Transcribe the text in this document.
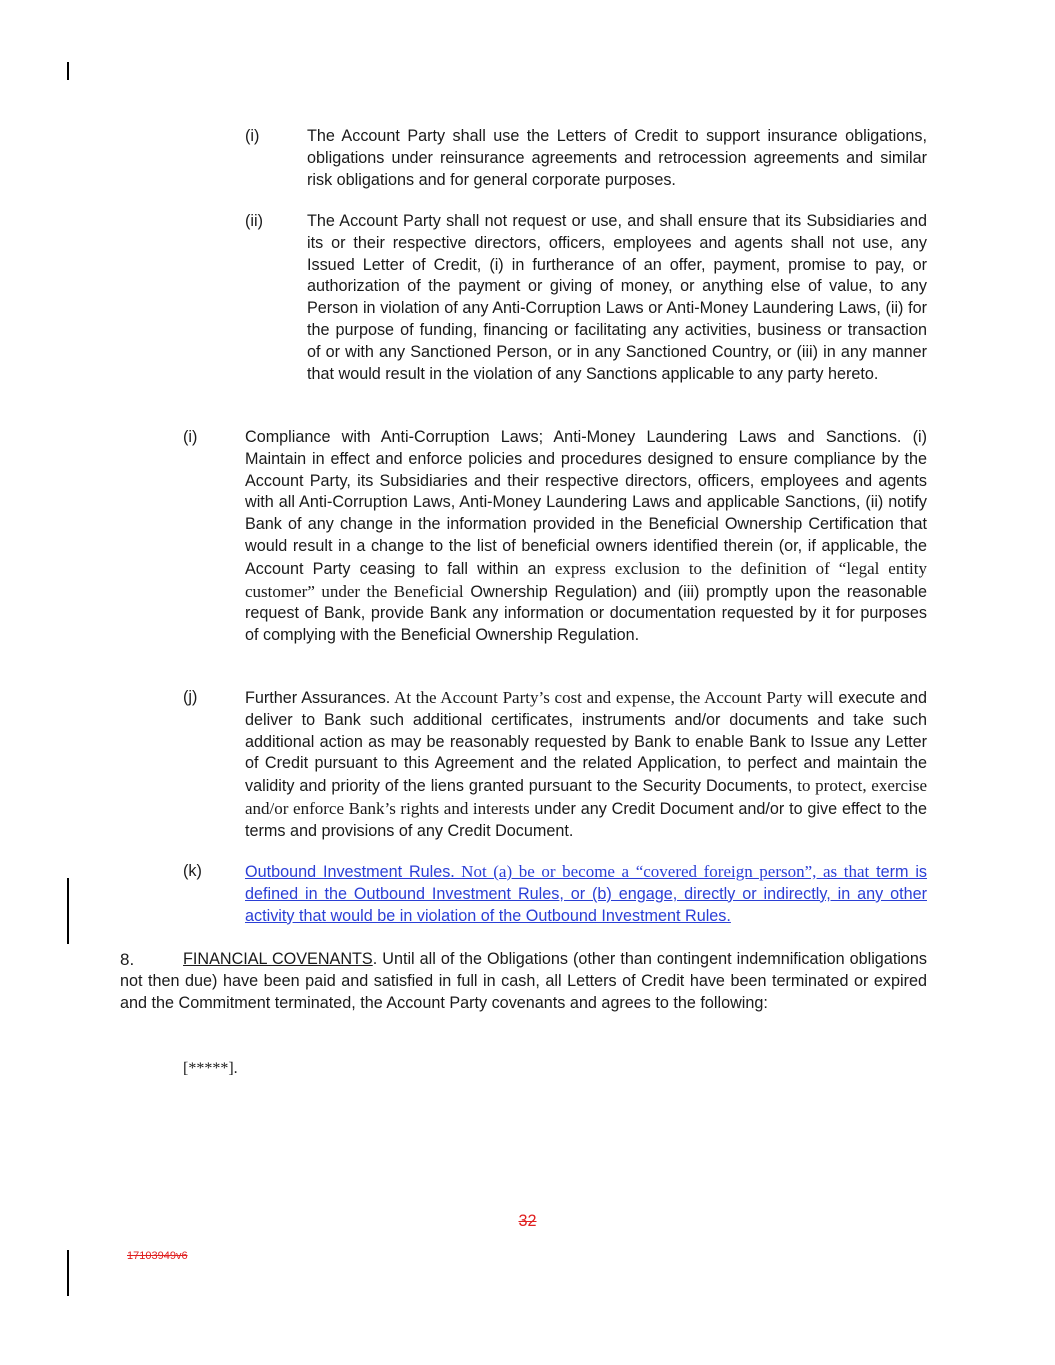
(i)	The Account Party shall use the Letters of Credit to support insurance obligations, obligations under reinsurance agreements and retrocession agreements and similar risk obligations and for general corporate purposes.
(ii)	The Account Party shall not request or use, and shall ensure that its Subsidiaries and its or their respective directors, officers, employees and agents shall not use, any Issued Letter of Credit, (i) in furtherance of an offer, payment, promise to pay, or authorization of the payment or giving of money, or anything else of value, to any Person in violation of any Anti-Corruption Laws or Anti-Money Laundering Laws, (ii) for the purpose of funding, financing or facilitating any activities, business or transaction of or with any Sanctioned Person, or in any Sanctioned Country, or (iii) in any manner that would result in the violation of any Sanctions applicable to any party hereto.
(i)	Compliance with Anti-Corruption Laws; Anti-Money Laundering Laws and Sanctions. (i) Maintain in effect and enforce policies and procedures designed to ensure compliance by the Account Party, its Subsidiaries and their respective directors, officers, employees and agents with all Anti-Corruption Laws, Anti-Money Laundering Laws and applicable Sanctions, (ii) notify Bank of any change in the information provided in the Beneficial Ownership Certification that would result in a change to the list of beneficial owners identified therein (or, if applicable, the Account Party ceasing to fall within an express exclusion to the definition of “legal entity customer” under the Beneficial Ownership Regulation) and (iii) promptly upon the reasonable request of Bank, provide Bank any information or documentation requested by it for purposes of complying with the Beneficial Ownership Regulation.
(j)	Further Assurances. At the Account Party’s cost and expense, the Account Party will execute and deliver to Bank such additional certificates, instruments and/or documents and take such additional action as may be reasonably requested by Bank to enable Bank to Issue any Letter of Credit pursuant to this Agreement and the related Application, to perfect and maintain the validity and priority of the liens granted pursuant to the Security Documents, to protect, exercise and/or enforce Bank’s rights and interests under any Credit Document and/or to give effect to the terms and provisions of any Credit Document.
(k)	Outbound Investment Rules. Not (a) be or become a “covered foreign person”, as that term is defined in the Outbound Investment Rules, or (b) engage, directly or indirectly, in any other activity that would be in violation of the Outbound Investment Rules.
8.	FINANCIAL COVENANTS. Until all of the Obligations (other than contingent indemnification obligations not then due) have been paid and satisfied in full in cash, all Letters of Credit have been terminated or expired and the Commitment terminated, the Account Party covenants and agrees to the following:
[*****].
32
17103949v6
